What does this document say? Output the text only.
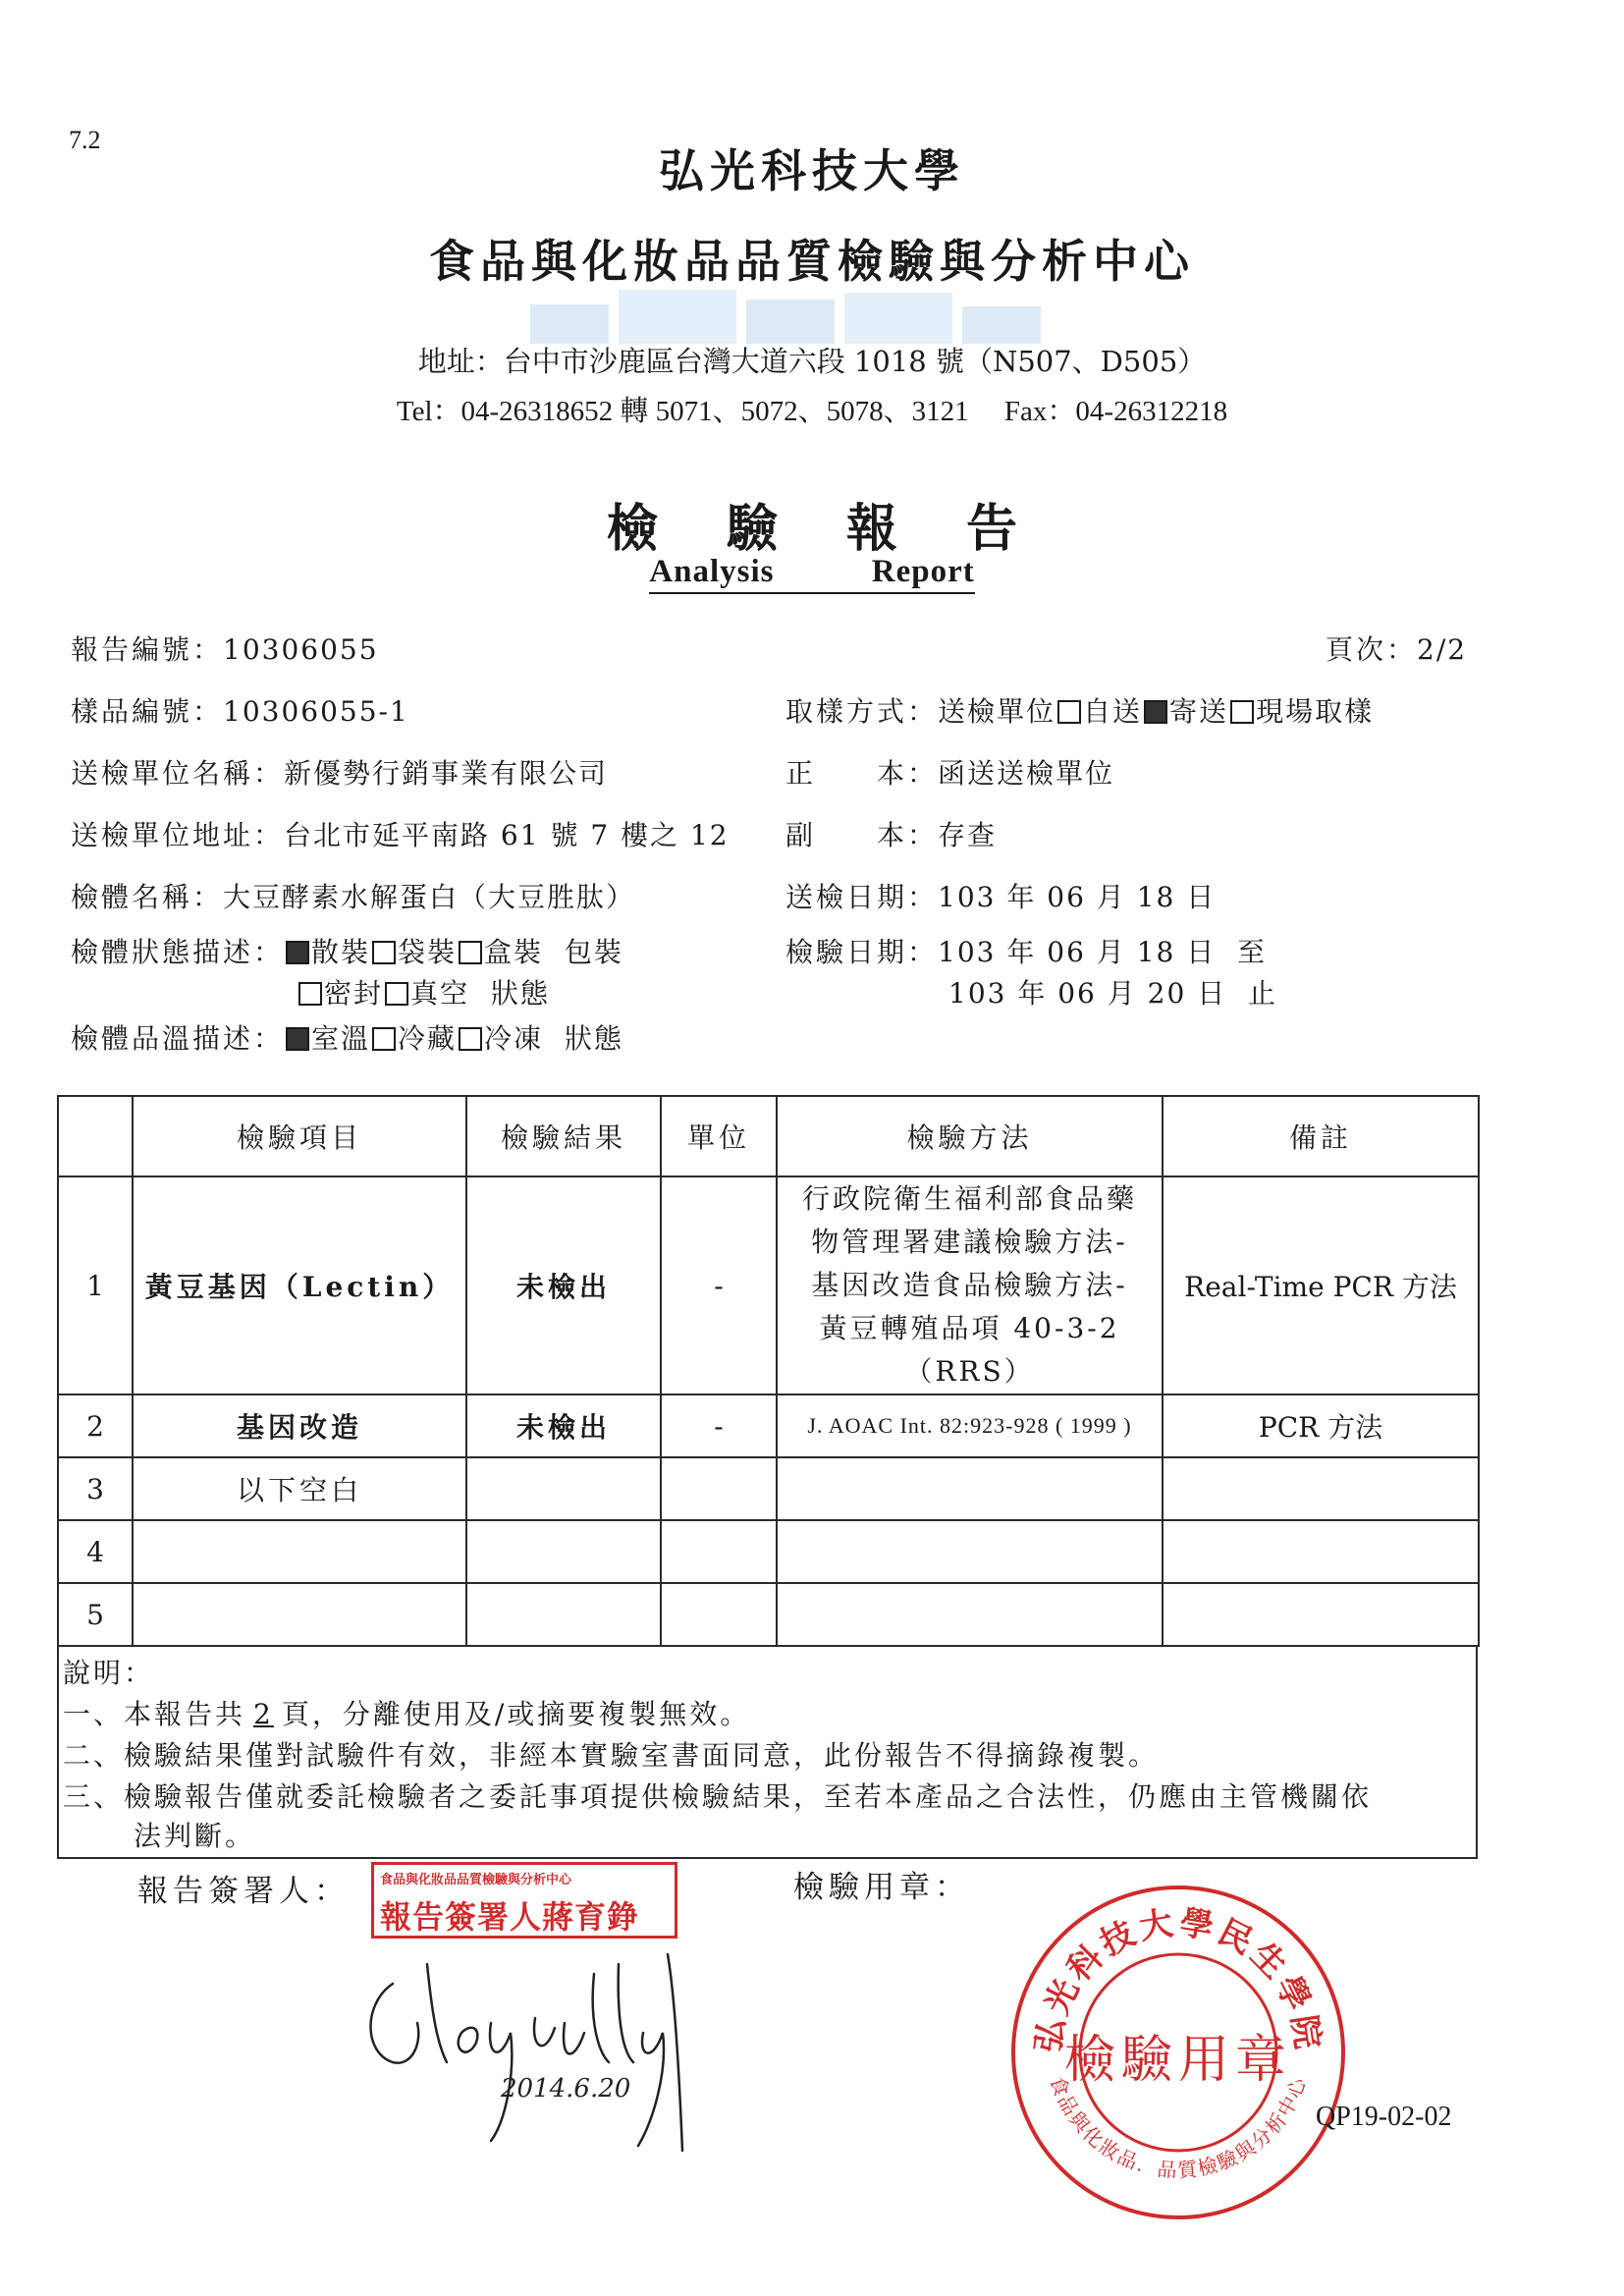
7.2
弘光科技大學
食品與化妝品品質檢驗與分析中心
地址：台中市沙鹿區台灣大道六段 1018 號（N507、D505）
Tel：04-26318652 轉 5071、5072、5078、3121     Fax：04-26312218
檢驗報告
Analysis Report
報告編號：10306055	頁次：2/2
樣品編號：10306055-1	取樣方式：送檢單位 自送 寄送 現場取樣
送檢單位名稱：新優勢行銷事業有限公司	正　　本：函送送檢單位
送檢單位地址：台北市延平南路 61 號 7 樓之 12 副　　本：存查
檢體名稱：大豆酵素水解蛋白（大豆胜肽）	送檢日期：103 年 06 月 18 日
檢體狀態描述： 散裝 袋裝 盒裝  包裝
密封 真空  狀態
檢驗日期：103 年 06 月 18 日  至
103 年 06 月 20 日  止
檢體品溫描述： 室溫 冷藏 冷凍  狀態
	檢驗項目	檢驗結果	單位	檢驗方法	備註
1	黃豆基因（Lectin）	未檢出	-	行政院衛生福利部食品藥
物管理署建議檢驗方法-
基因改造食品檢驗方法-
黃豆轉殖品項 40-3-2
（RRS）	Real-Time PCR 方法
2	基因改造	未檢出	-	J. AOAC Int. 82:923-928 ( 1999 )	PCR 方法
3	以下空白				
4					
5					
說明：
一、本報告共 2 頁，分離使用及/或摘要複製無效。
二、檢驗結果僅對試驗件有效，非經本實驗室書面同意，此份報告不得摘錄複製。
三、檢驗報告僅就委託檢驗者之委託事項提供檢驗結果，至若本產品之合法性，仍應由主管機關依
法判斷。
報告簽署人：	檢驗用章：
食品與化妝品品質檢驗與分析中心
報告簽署人蔣育錚
2014.6.20
弘光科技大學民生學院
食品與化妝品．品質檢驗與分析中心
檢驗用章
QP19-02-02
